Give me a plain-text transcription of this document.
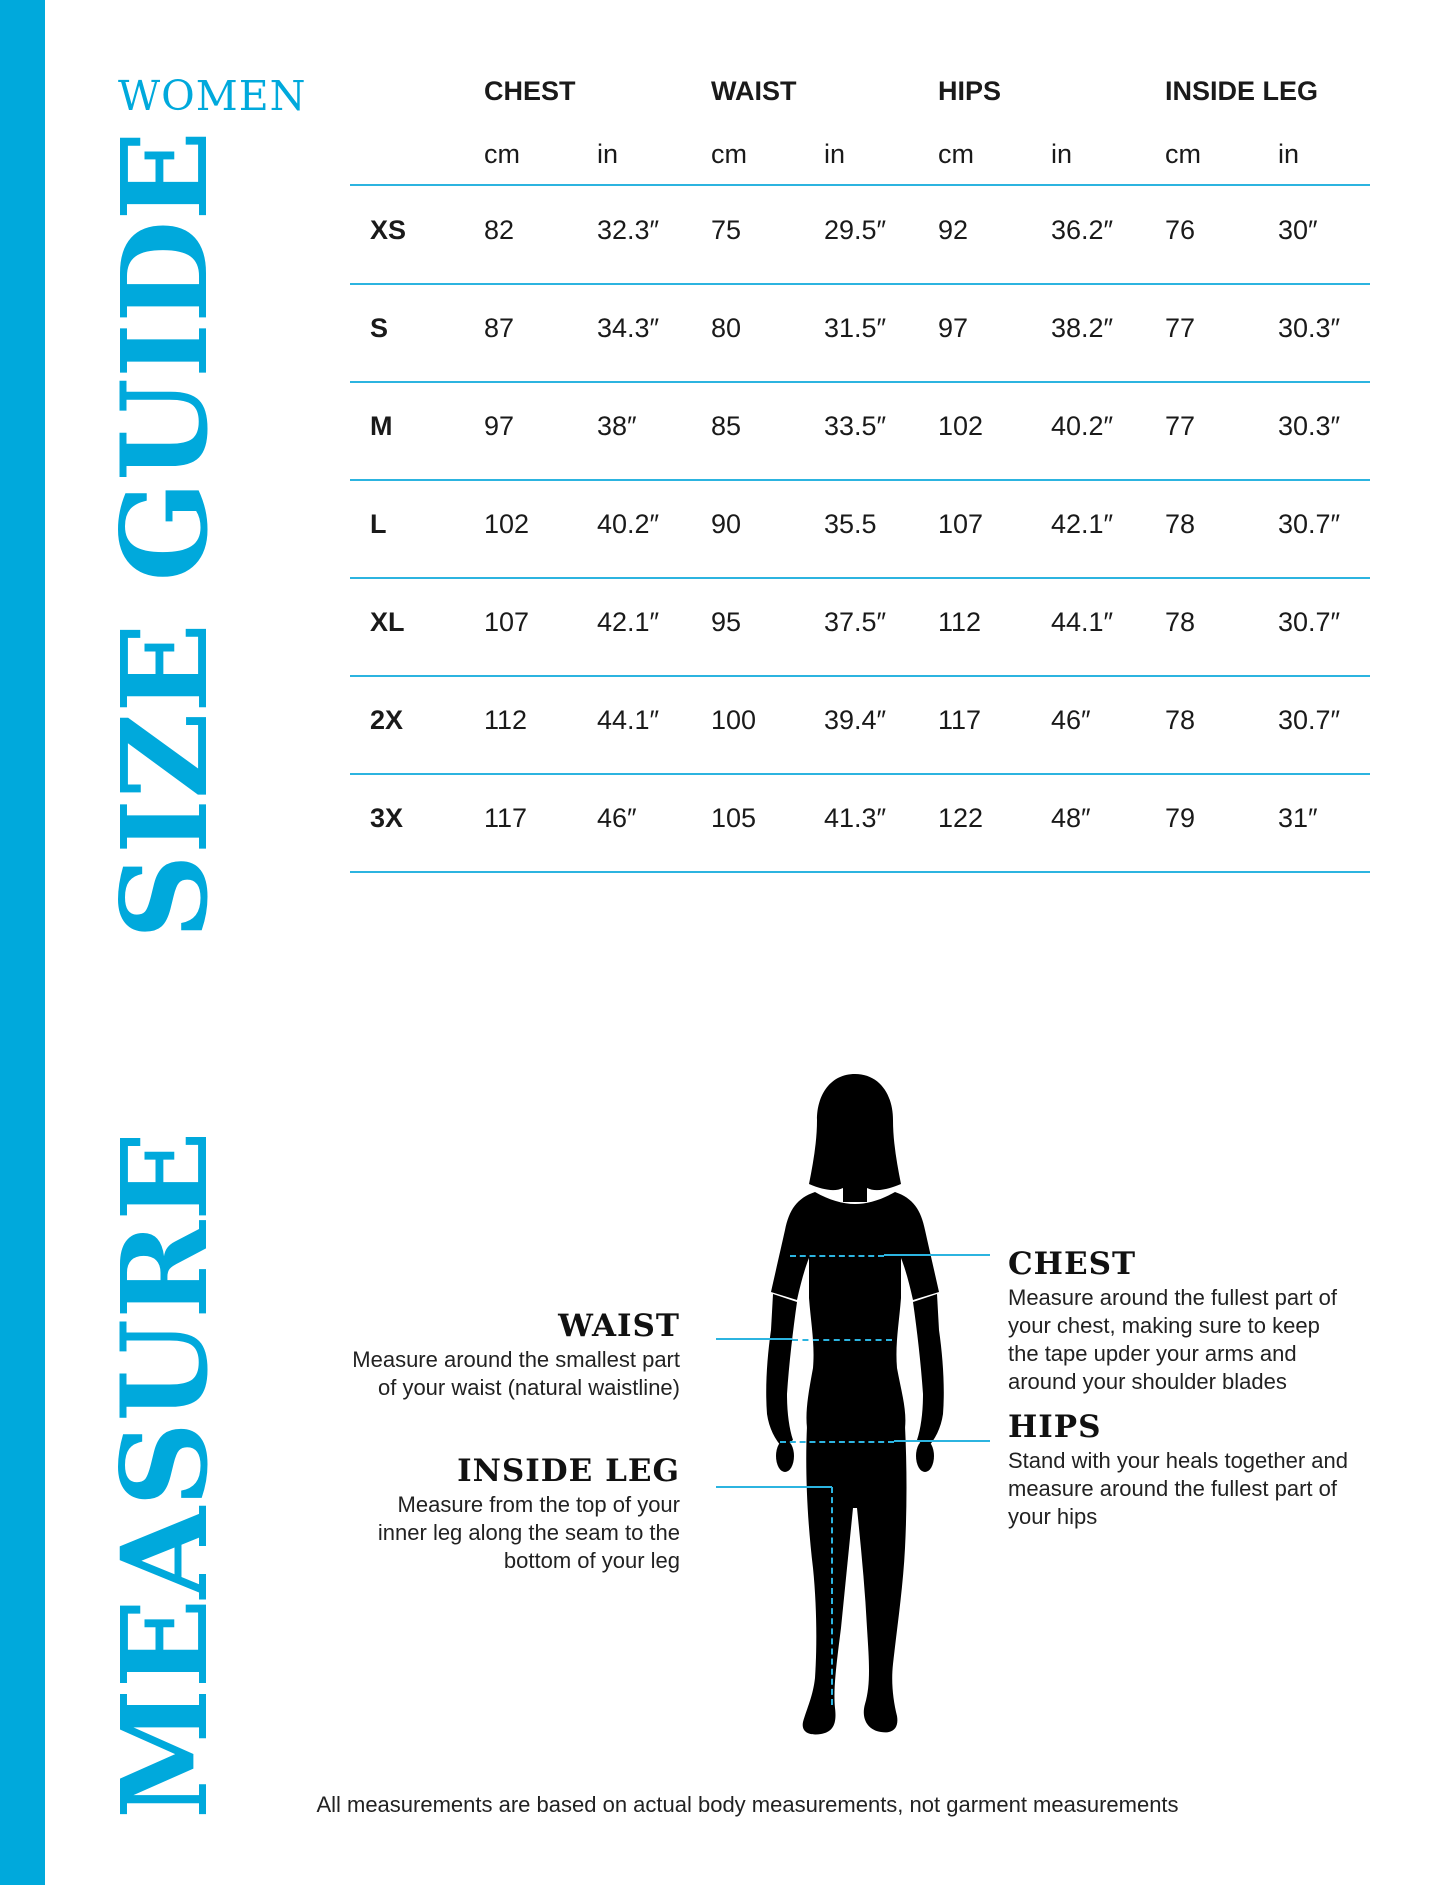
WOMEN
SIZE GUIDE
MEASURE
CHEST	WAIST	HIPS	INSIDE LEG
cm	in	cm	in	cm	in	cm	in
XS	82	32.3″ 75	29.5″ 92	36.2″ 76	30″
S	87	34.3″ 80	31.5″ 97	38.2″ 77	30.3″
M	97	38″	85	33.5″ 102	40.2″ 77	30.3″
L	102	40.2″ 90	35.5 107	42.1″ 78	30.7″
XL	107	42.1″ 95	37.5″ 112	44.1″ 78	30.7″
2X	112	44.1″ 100	39.4″ 117	46″	78	30.7″
3X	117	46″	105	41.3″ 122	48″	79	31″
CHEST
Measure around the fullest part of
your chest, making sure to keep
the tape upder your arms and
around your shoulder blades
WAIST
Measure around the smallest part
of your waist (natural waistline)
HIPS
Stand with your heals together and
measure around the fullest part of
your hips
INSIDE LEG
Measure from the top of your
inner leg along the seam to the
bottom of your leg
All measurements are based on actual body measurements, not garment measurements
